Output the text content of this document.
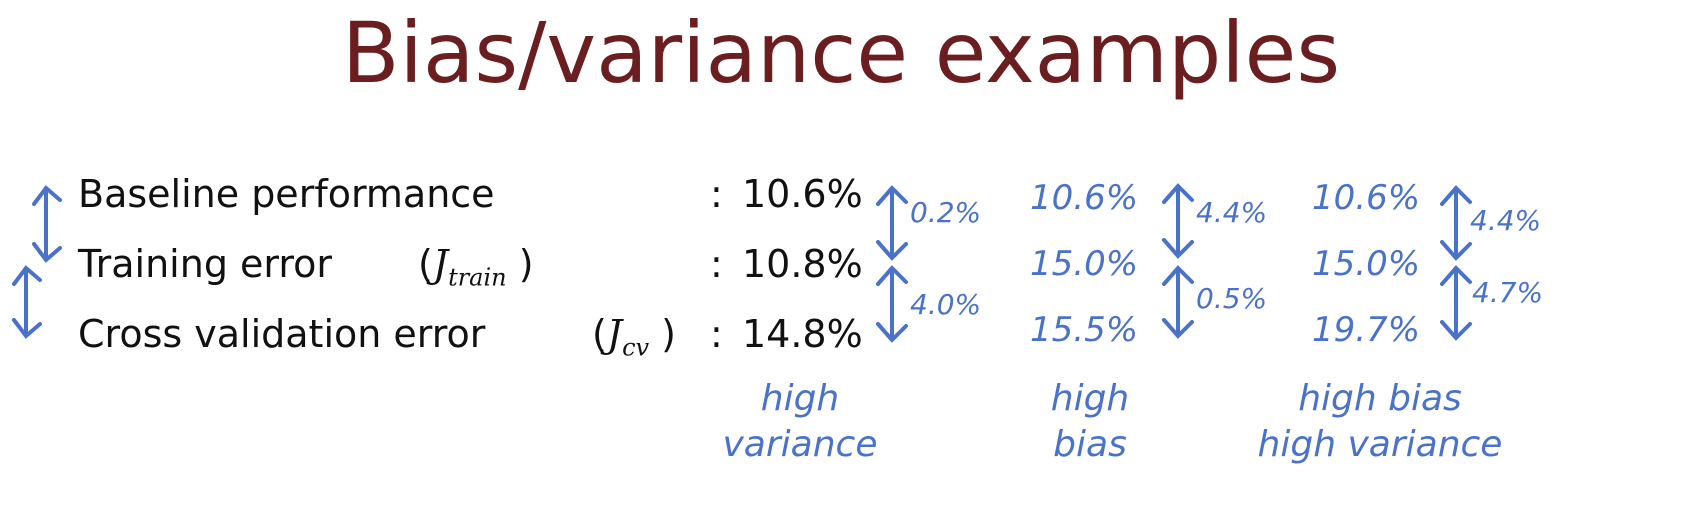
Bias/variance examples
Baseline performance
Training error ($J_{train}$ )
Cross validation error	($J_{cv}$ )
: 10.6%
: 10.8%
: 14.8%
0.2%
4.0%
high
variance
10.6%
15.0%
15.5%
4.4%
0.5%
high
bias
10.6%
15.0%
19.7%
4.4%
4.7%
high bias
high variance
